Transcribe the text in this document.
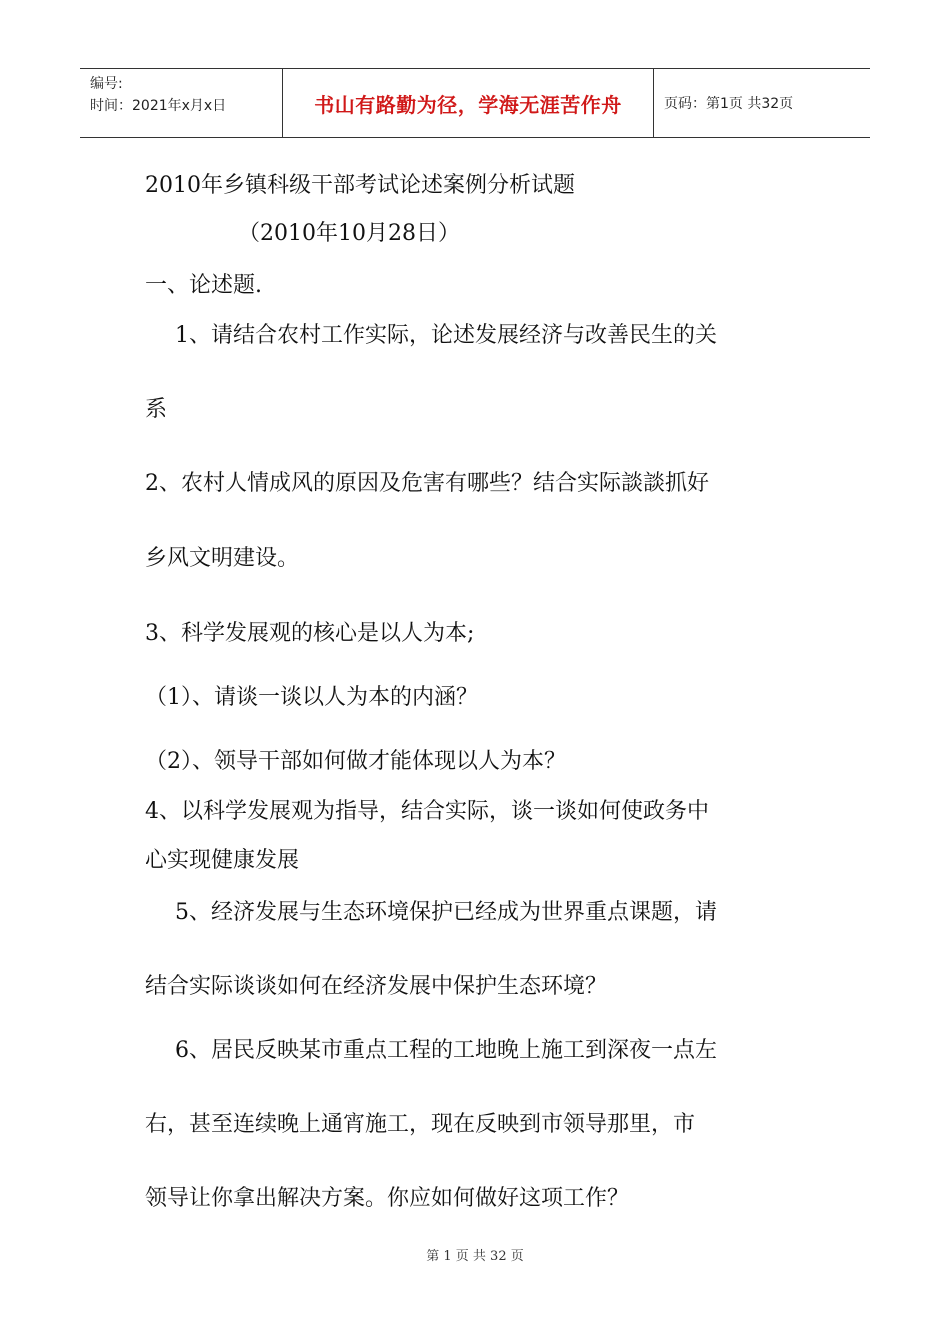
编号:
时间：2021年x月x日	书山有路勤为径，学海无涯苦作舟	页码：第1页 共32页

2010年乡镇科级干部考试论述案例分析试题

（2010年10月28日）

一、论述题.

1、请结合农村工作实际，论述发展经济与改善民生的关

系

2、农村人情成风的原因及危害有哪些？结合实际談談抓好

乡风文明建设。

3、科学发展观的核心是以人为本;

（1）、请谈一谈以人为本的内涵？

（2）、领导干部如何做才能体现以人为本？

4、以科学发展观为指导，结合实际，谈一谈如何使政务中

心实现健康发展

5、经济发展与生态环境保护已经成为世界重点课题，请

结合实际谈谈如何在经济发展中保护生态环境？

6、居民反映某市重点工程的工地晚上施工到深夜一点左

右，甚至连续晚上通宵施工，现在反映到市领导那里，市

领导让你拿出解决方案。你应如何做好这项工作？

第 1 页 共 32 页
